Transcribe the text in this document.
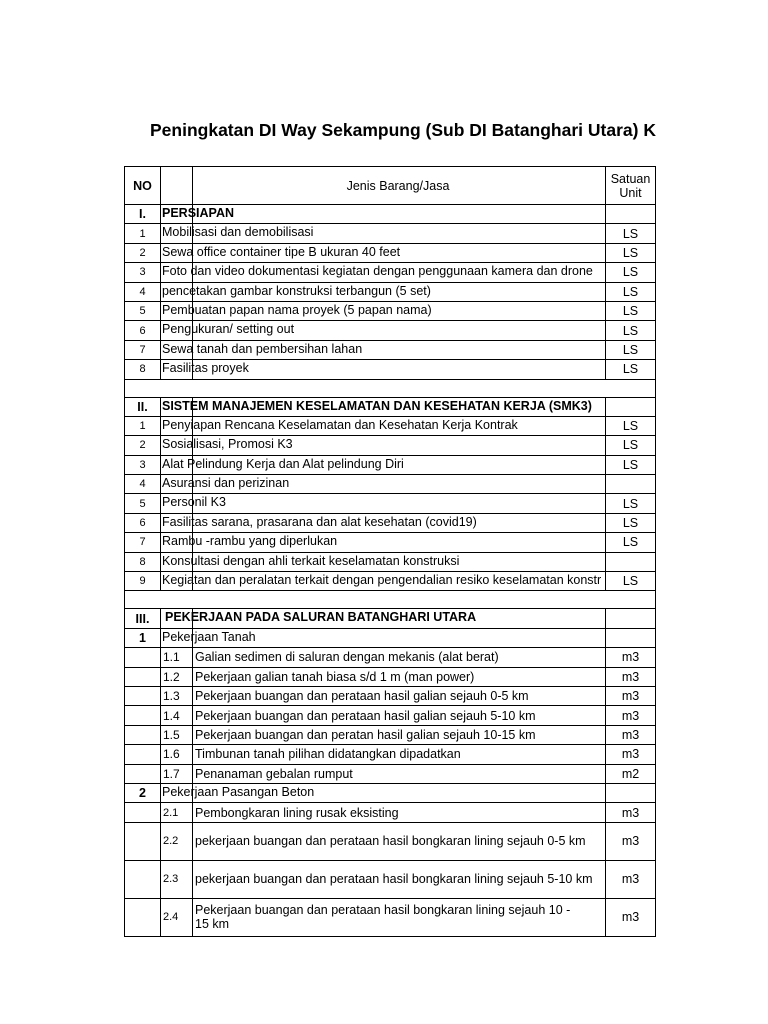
Peningkatan DI Way Sekampung (Sub DI Batanghari Utara) K
NO		Jenis Barang/Jasa	Satuan
Unit
I.		PERSIAPAN	

1		Mobilisasi dan demobilisasi	LS
2		Sewa office container tipe B ukuran 40 feet	LS
3		Foto dan video dokumentasi kegiatan dengan penggunaan kamera dan drone	LS
4		pencetakan gambar konstruksi terbangun (5 set)	LS
5		Pembuatan papan nama proyek (5 papan nama)	LS
6		Pengukuran/ setting out	LS
7		Sewa tanah dan pembersihan lahan	LS
8		Fasilitas proyek	LS

II.		SISTEM MANAJEMEN KESELAMATAN DAN KESEHATAN KERJA (SMK3)	

1		Penyiapan Rencana Keselamatan dan Kesehatan Kerja Kontrak	LS
2		Sosialisasi, Promosi K3	LS
3		Alat Pelindung Kerja dan Alat pelindung Diri	LS
4		Asuransi dan perizinan	

5		Personil K3	LS
6		Fasilitas sarana, prasarana dan alat kesehatan (covid19)	LS
7		Rambu -rambu yang diperlukan	LS
8		Konsultasi dengan ahli terkait keselamatan konstruksi	

9		Kegiatan dan peralatan terkait dengan pengendalian resiko keselamatan konstr	LS

III.		PEKERJAAN PADA SALURAN BATANGHARI UTARA	

1		Pekerjaan Tanah	

	1.1	Galian sedimen di saluran dengan mekanis (alat berat)	m3
	1.2	Pekerjaan galian tanah biasa s/d 1 m (man power)	m3
	1.3	Pekerjaan buangan dan perataan hasil galian sejauh 0-5 km	m3
	1.4	Pekerjaan buangan dan perataan hasil galian sejauh 5-10 km	m3
	1.5	Pekerjaan buangan dan peratan hasil galian sejauh 10-15 km	m3
	1.6	Timbunan tanah pilihan didatangkan dipadatkan	m3
	1.7	Penanaman gebalan rumput	m2
2		Pekerjaan Pasangan Beton	

	2.1	Pembongkaran lining rusak eksisting	m3
	2.2	pekerjaan buangan dan perataan hasil bongkaran lining sejauh 0-5 km	m3
	2.3	pekerjaan buangan dan perataan hasil bongkaran lining sejauh 5-10 km	m3
	2.4	Pekerjaan buangan dan perataan hasil bongkaran lining sejauh 10 - 15 km	m3
